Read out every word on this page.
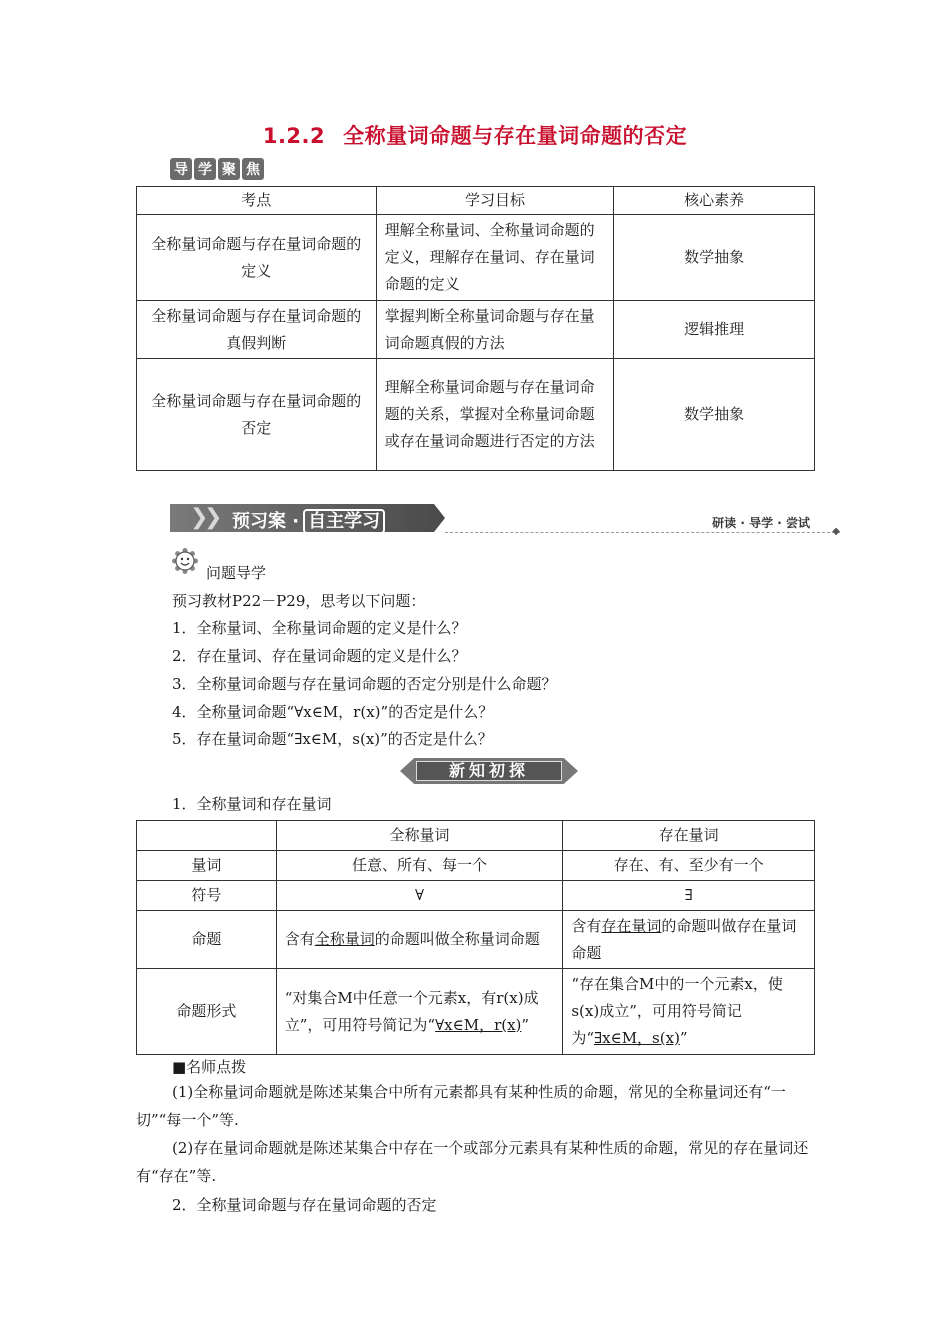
1.2.2 全称量词命题与存在量词命题的否定
导 学 聚 焦
考点	学习目标	核心素养
全称量词命题与存在量词命题的定义	理解全称量词、全称量词命题的定义，理解存在量词、存在量词命题的定义	数学抽象
全称量词命题与存在量词命题的真假判断	掌握判断全称量词命题与存在量词命题真假的方法	逻辑推理
全称量词命题与存在量词命题的否定	理解全称量词命题与存在量词命题的关系，掌握对全称量词命题或存在量词命题进行否定的方法	数学抽象
❯
❯ 预习案 · 自主学习	研读 · 导学 · 尝试
◆
问题导学
预习教材P22－P29，思考以下问题：
1．全称量词、全称量词命题的定义是什么？
2．存在量词、存在量词命题的定义是什么？
3．全称量词命题与存在量词命题的否定分别是什么命题？
4．全称量词命题“∀x∈M，r(x)”的否定是什么？
5．存在量词命题“∃x∈M，s(x)”的否定是什么？
新知初探
1．全称量词和存在量词
	全称量词	存在量词
量词	任意、所有、每一个	存在、有、至少有一个
符号	∀	∃
命题	含有全称量词的命题叫做全称量词命题	含有存在量词的命题叫做存在量词命题
命题形式	“对集合M中任意一个元素x，有r(x)成立”，可用符号简记为“∀x∈M，r(x)”	“存在集合M中的一个元素x，使s(x)成立”，可用符号简记为“∃x∈M，s(x)”
■名师点拨
(1)全称量词命题就是陈述某集合中所有元素都具有某种性质的命题，常见的全称量词还有“一切”“每一个”等.
(2)存在量词命题就是陈述某集合中存在一个或部分元素具有某种性质的命题，常见的存在量词还有“存在”等.
2．全称量词命题与存在量词命题的否定
